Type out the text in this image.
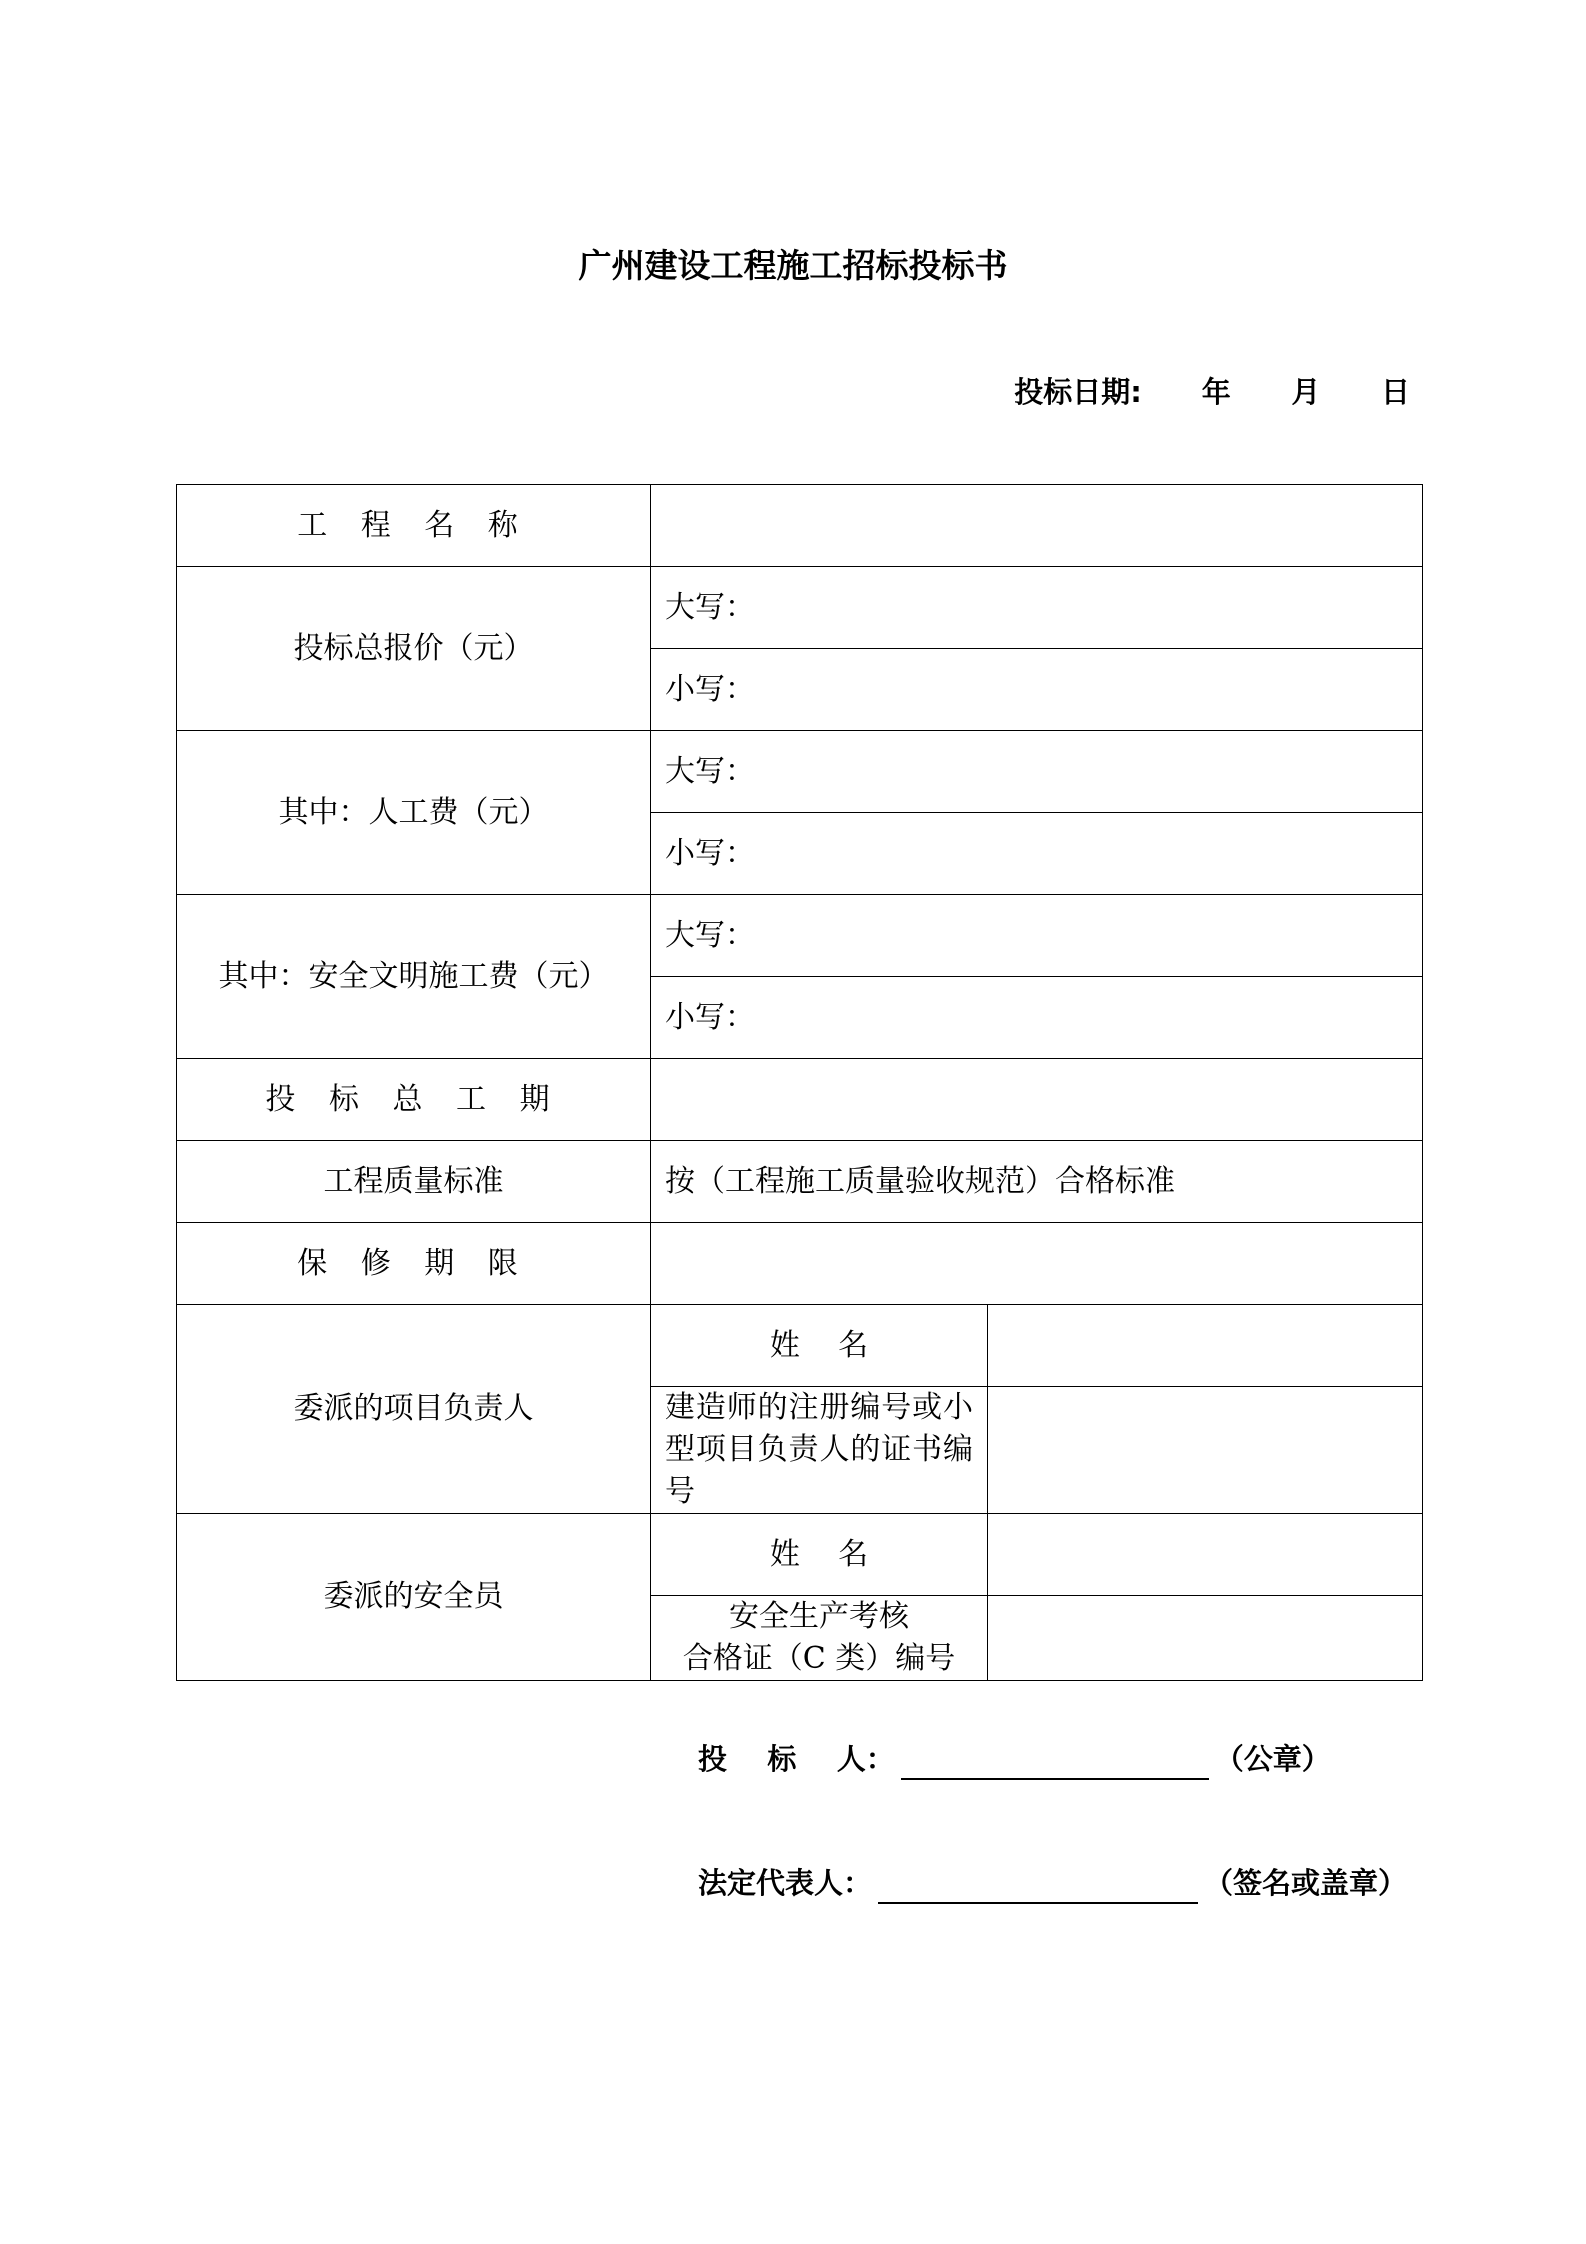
广州建设工程施工招标投标书
投标日期: 年 月 日
工 程 名 称		
投标总报价（元）	大写：	
	小写：	
其中：人工费（元）	大写：	
	小写：	
其中：安全文明施工费（元）	大写：	
	小写：	
投 标 总 工 期		
工程质量标准	按（工程施工质量验收规范）合格标准	
保 修 期 限		
委派的项目负责人	姓    名	
	建造师的注册编号或小型项目负责人的证书编号	
委派的安全员	姓    名	

	安全生产考核
合格证（C 类）编号	

投    标    人：	（公章）
法定代表人：	（签名或盖章）
